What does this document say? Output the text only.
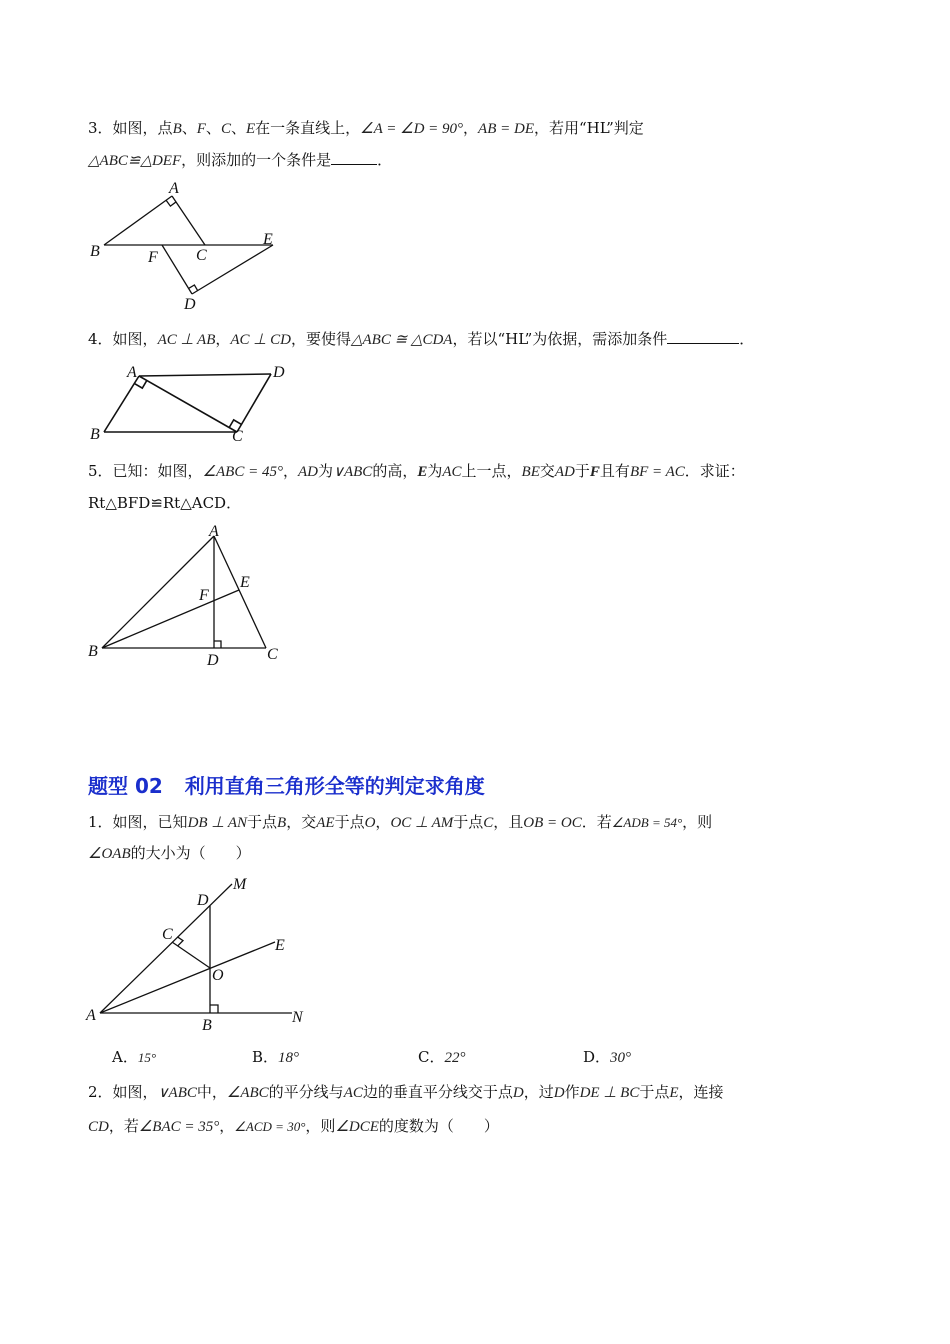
3．如图，点B、F、C、E在一条直线上，∠A = ∠D = 90°，AB = DE，若用“HL”判定
△ABC≌△DEF，则添加的一个条件是	．
A
B	F C
E
D
4．如图，AC ⊥ AB，AC ⊥ CD，要使得△ABC ≅ △CDA，若以“HL”为依据，需添加条件	．
A	D
B	C
5．已知：如图，∠ABC = 45°，AD为∨ABC的高，E为AC上一点，BE交AD于F且有BF = AC．求证：
Rt△BFD≌Rt△ACD．
A
E
F
B
D	C
题型 02 利用直角三角形全等的判定求角度
1．如图，已知DB ⊥ AN于点B，交AE于点O，OC ⊥ AM于点C，且OB = OC．若∠ADB = 54°，则
∠OAB的大小为（　　）
D
M
C
E
O
A
B	N
A．15°	B．18°	C．22°	D．30°
2．如图，∨ABC中，∠ABC的平分线与AC边的垂直平分线交于点D，过D作DE ⊥ BC于点E，连接
CD，若∠BAC = 35°，∠ACD = 30°，则∠DCE的度数为（　　）
